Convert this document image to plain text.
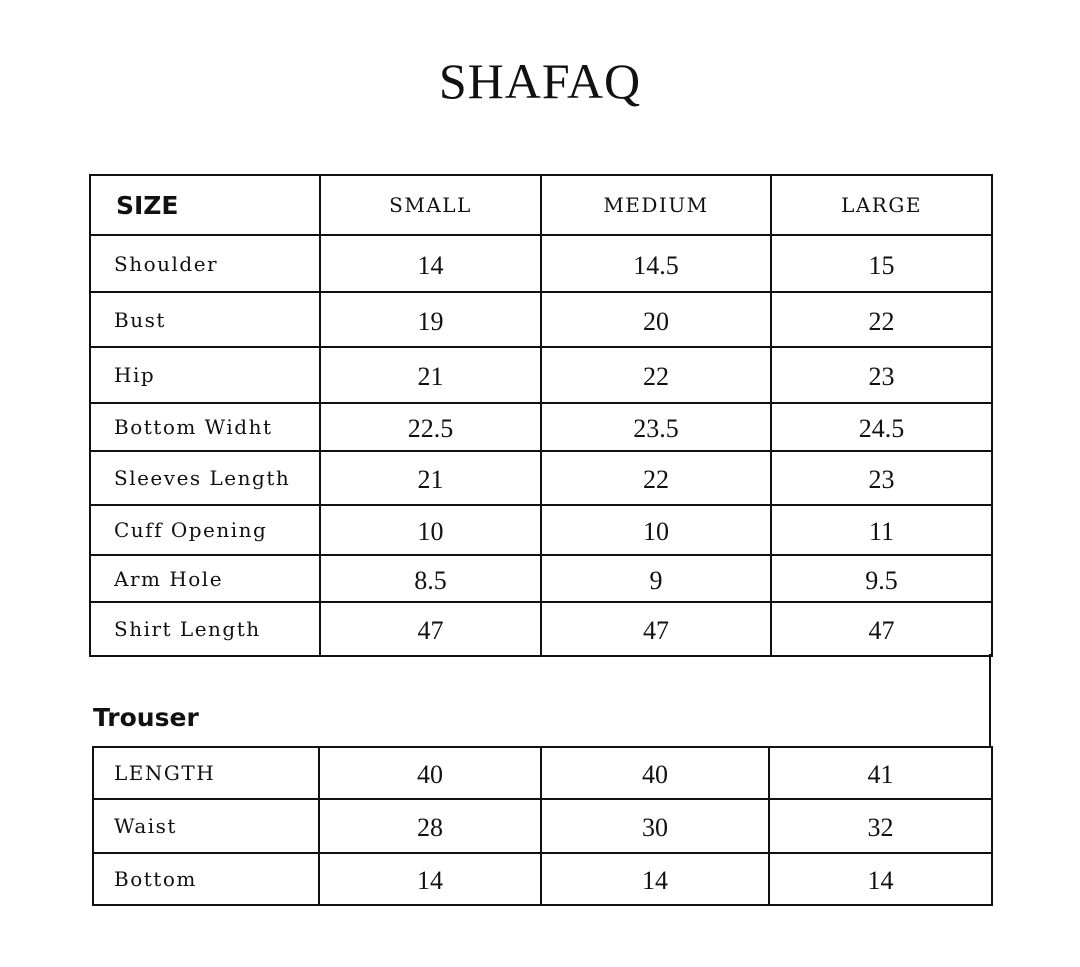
SHAFAQ
SIZE	SMALL	MEDIUM	LARGE
Shoulder	14	14.5	15
Bust	19	20	22
Hip	21	22	23
Bottom Widht	22.5	23.5	24.5
Sleeves Length	21	22	23
Cuff Opening	10	10	11
Arm Hole	8.5	9	9.5
Shirt Length	47	47	47
Trouser
LENGTH	40	40	41
Waist	28	30	32
Bottom	14	14	14
